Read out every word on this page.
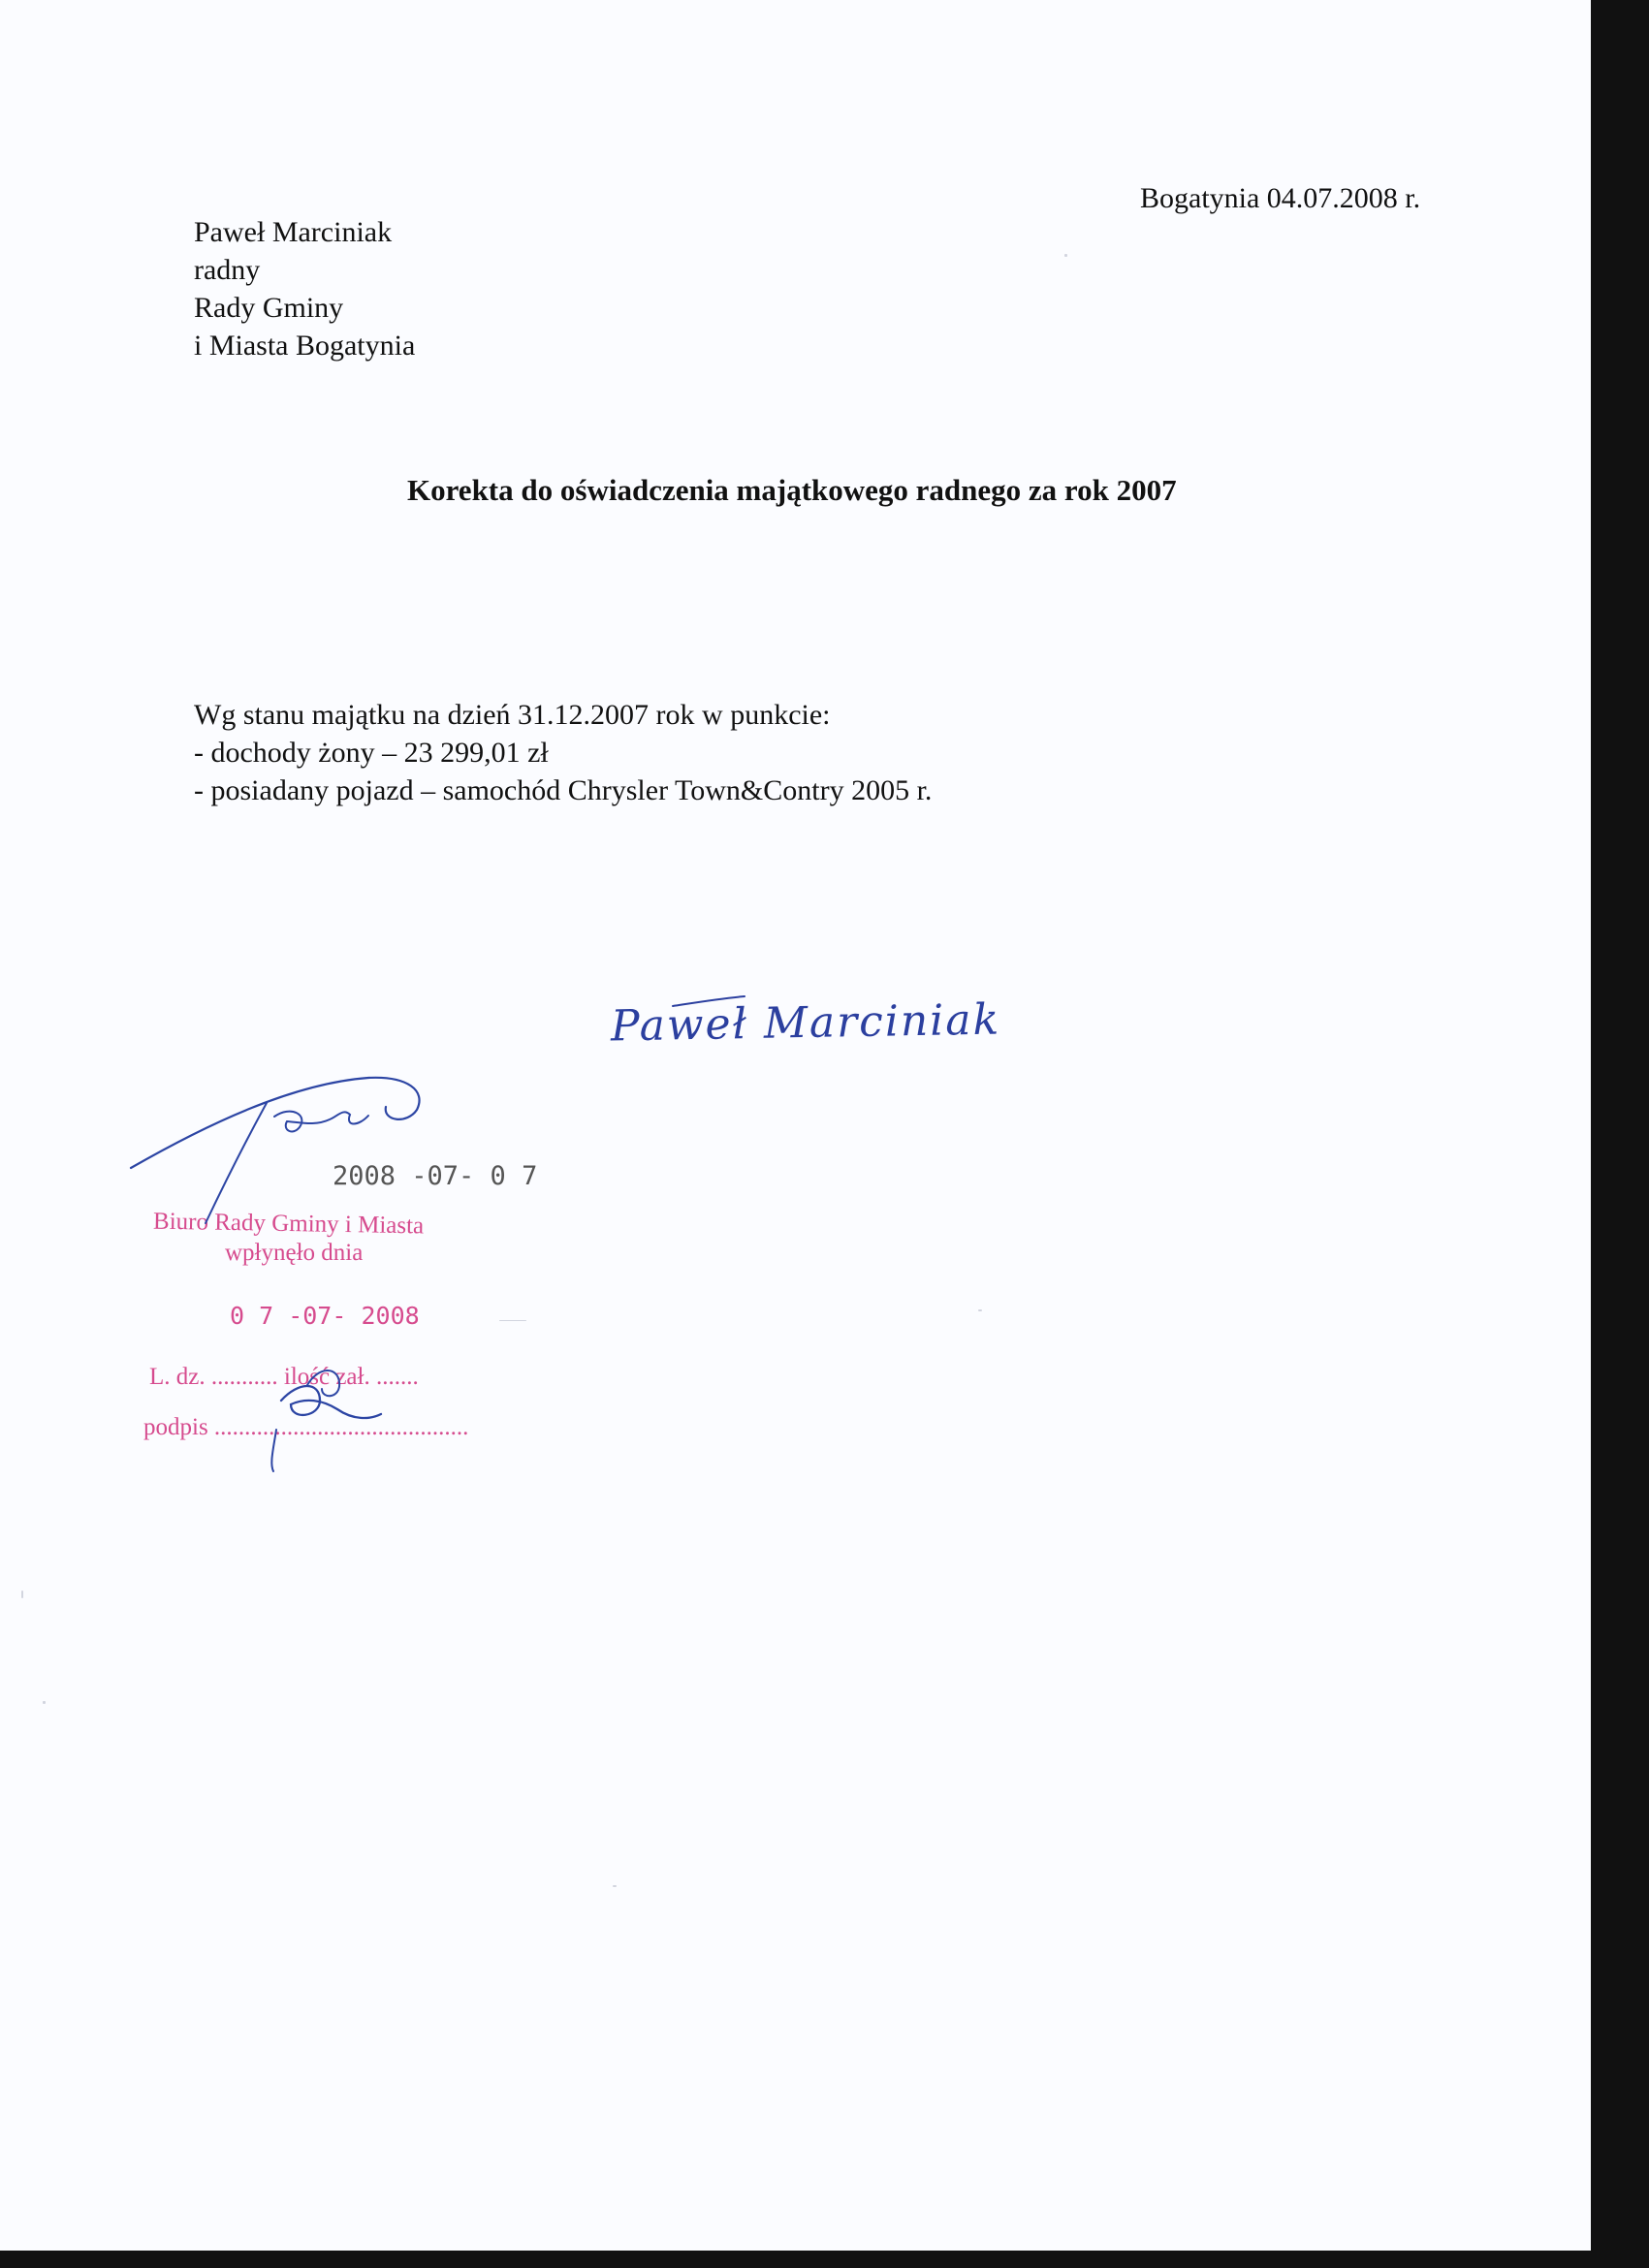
Bogatynia 04.07.2008 r.
Paweł Marciniak
radny
Rady Gminy
i Miasta Bogatynia
Korekta do oświadczenia majątkowego radnego za rok 2007
Wg stanu majątku na dzień 31.12.2007 rok w punkcie:
- dochody żony – 23 299,01 zł
- posiadany pojazd – samochód Chrysler Town&Contry 2005 r.
Paweł Marciniak
2008 -07- 0 7
Biuro Rady Gminy i Miasta
wpłynęło dnia
0 7 -07- 2008
L. dz. ........... ilość zał. .......
podpis ..........................................
